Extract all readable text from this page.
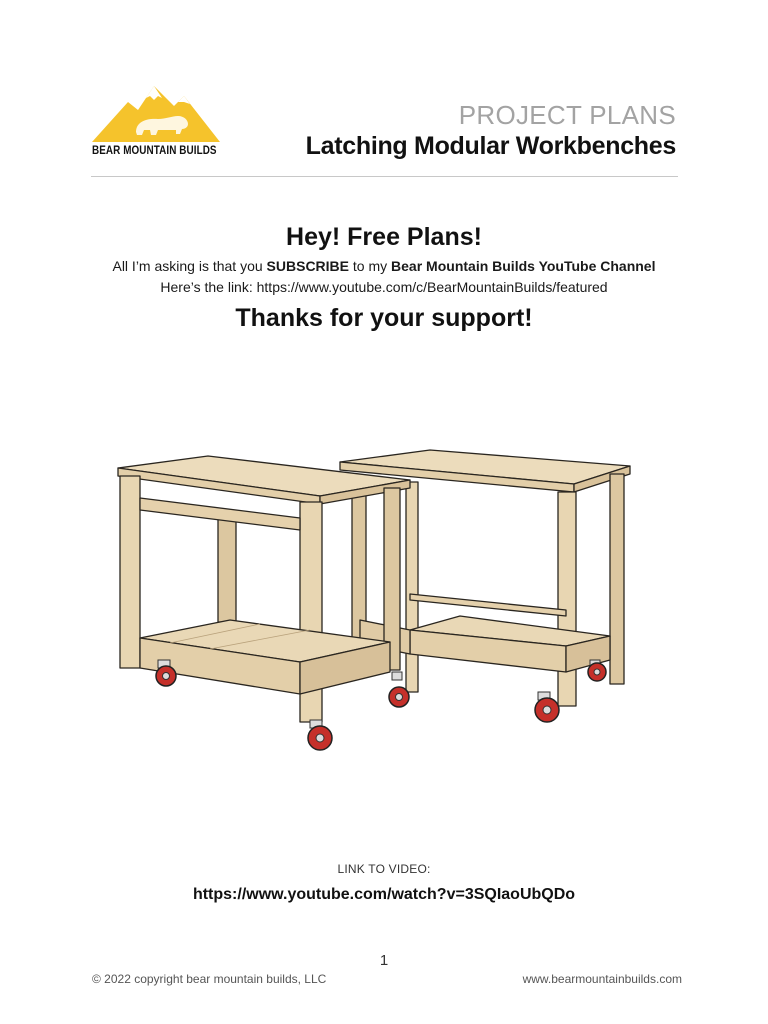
BEAR MOUNTAIN BUILDS
PROJECT PLANS
Latching Modular Workbenches
Hey! Free Plans!
All I’m asking is that you SUBSCRIBE to my Bear Mountain Builds YouTube Channel
Here’s the link: https://www.youtube.com/c/BearMountainBuilds/featured
Thanks for your support!
LINK TO VIDEO:
https://www.youtube.com/watch?v=3SQIaoUbQDo
1
© 2022 copyright bear mountain builds, LLC	www.bearmountainbuilds.com
